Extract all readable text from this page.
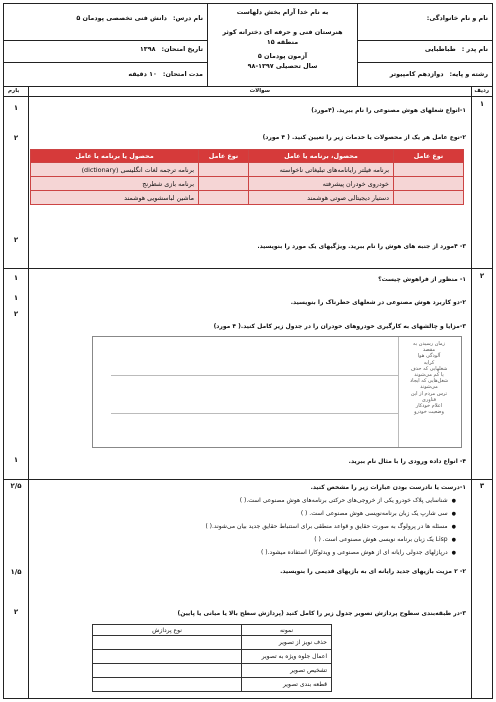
نام و نام خانوادگی:
نام پدر :طباطبایی
رشته و پایه:دوازدهم کامپیوتر
به نام خدا آرام بخش دلهاست
هنرستان فنی و حرفه ای دخترانه کوثر
منطقه ۱۵
آزمون پودمان ۵
سال تحصیلی ۱۳۹۷-۹۸
نام درس:دانش فنی تخصصی پودمان ۵
تاریخ امتحان:۱۳۹۸
مدت امتحان:۱۰ دقیقه
ردیف
سوالات
بارم
۱
۱
۲
۲
۱-انواع شغلهای هوش مصنوعی را نام ببرید. (۴مورد)
۲-نوع عامل هر یک از محصولات یا خدمات زیر را تعیین کنید. ( ۴ مورد)
نوع عامل	محصول، برنامه یا عامل	نوع عامل	محصول یا برنامه یا عامل
	برنامه فیلتر رایانامه‌های تبلیغاتی ناخواسته		(dictionary) برنامه ترجمه لغات انگلیسی
	خودروی خودران پیشرفته		برنامه بازی شطرنج
	دستیار دیجیتالی صوتی هوشمند		ماشین لباسشویی هوشمند
۳- ۴مورد از جنبه های هوش را نام ببرید. ویژگیهای یک مورد را بنویسید.
۲
۱
۱
۲
۱
۱- منظور از فراهوش چیست؟
۲-دو کاربرد هوش مصنوعی در شغلهای خطرناک را بنویسید.
۳-مزایا و چالشهای به کارگیری خودروهای خودران را در جدول زیر کامل کنید.( ۴ مورد)
زمان رسیدن به
مقصد
آلودگی هوا
کرایه
شغلهایی که حذف
یا کم می‌شوند
شغل‌هایی که ایجاد
می‌شوند
ترس مردم از این
فناوری
اعلام خودکار
وضعیت خودرو
۴- انواع داده ورودی را با مثال نام ببرید.
۳
۲/۵
۱/۵
۲
۱-درست یا نادرست بودن عبارات زیر را مشخص کنید.
● شناسایی پلاک خودرو یکی از خروجی‌های حرکتی برنامه‌های هوش مصنوعی است.( )
● سی شارپ یک زبان برنامه‌نویسی هوش مصنوعی است. ( )
● مسئله ها در پرولوگ به صورت حقایق و قواعد منطقی برای استنباط حقایق جدید بیان می‌شوند.( )
● Lisp یک زبان برنامه نویسی هوش مصنوعی است. ( )
● درپازلهای جدولی رایانه ای از هوش مصنوعی و ویدئوکارا استفاده میشود.( )
۲- ۲ مزیت بازیهای جدید رایانه ای به بازیهای قدیمی را بنویسید.
۳-در طبقه‌بندی سطوح پردازش تصویر جدول زیر را کامل کنید (پردازش سطح بالا یا میانی یا پایین)
نمونه	نوع پردازش
حذف نویز از تصویر	
اعمال جلوه ویژه به تصویر	
تشخیص تصویر	
قطعه بندی تصویر	
